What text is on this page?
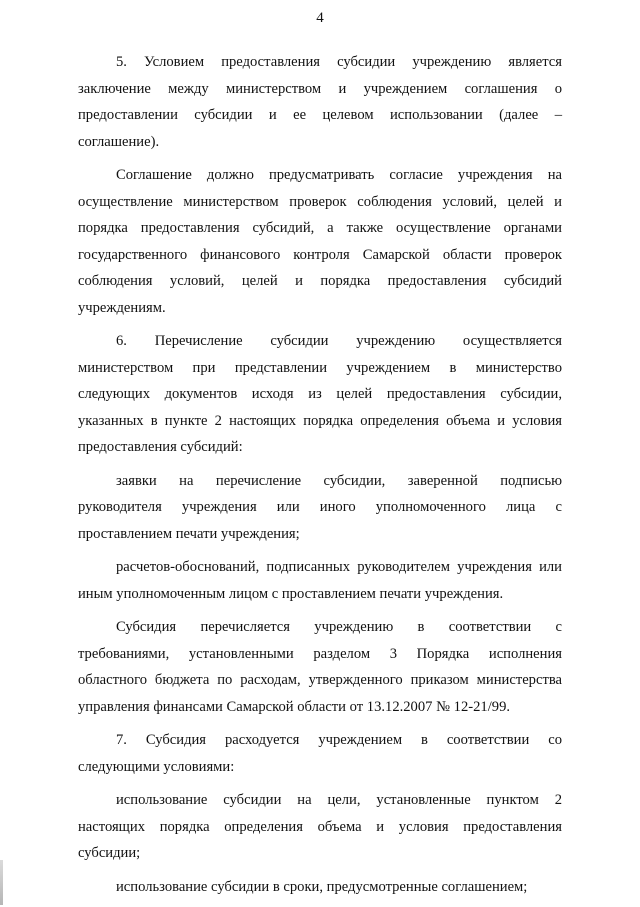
4

5. Условием предоставления субсидии учреждению является
заключение между министерством и учреждением соглашения о
предоставлении субсидии и ее целевом использовании (далее –
соглашение).

Соглашение должно предусматривать согласие учреждения на
осуществление министерством проверок соблюдения условий, целей и
порядка предоставления субсидий, а также осуществление органами
государственного финансового контроля Самарской области проверок
соблюдения условий, целей и порядка предоставления субсидий
учреждениям.

6. Перечисление субсидии учреждению осуществляется
министерством при представлении учреждением в министерство
следующих документов исходя из целей предоставления субсидии,
указанных в пункте 2 настоящих порядка определения объема и условия
предоставления субсидий:

заявки на перечисление субсидии, заверенной подписью
руководителя учреждения или иного уполномоченного лица с
проставлением печати учреждения;

расчетов-обоснований, подписанных руководителем учреждения или
иным уполномоченным лицом с проставлением печати учреждения.

Субсидия перечисляется учреждению в соответствии с
требованиями, установленными разделом 3 Порядка исполнения
областного бюджета по расходам, утвержденного приказом министерства
управления финансами Самарской области от 13.12.2007 № 12-21/99.

7. Субсидия расходуется учреждением в соответствии со
следующими условиями:

использование субсидии на цели, установленные пунктом 2
настоящих порядка определения объема и условия предоставления
субсидии;

использование субсидии в сроки, предусмотренные соглашением;
